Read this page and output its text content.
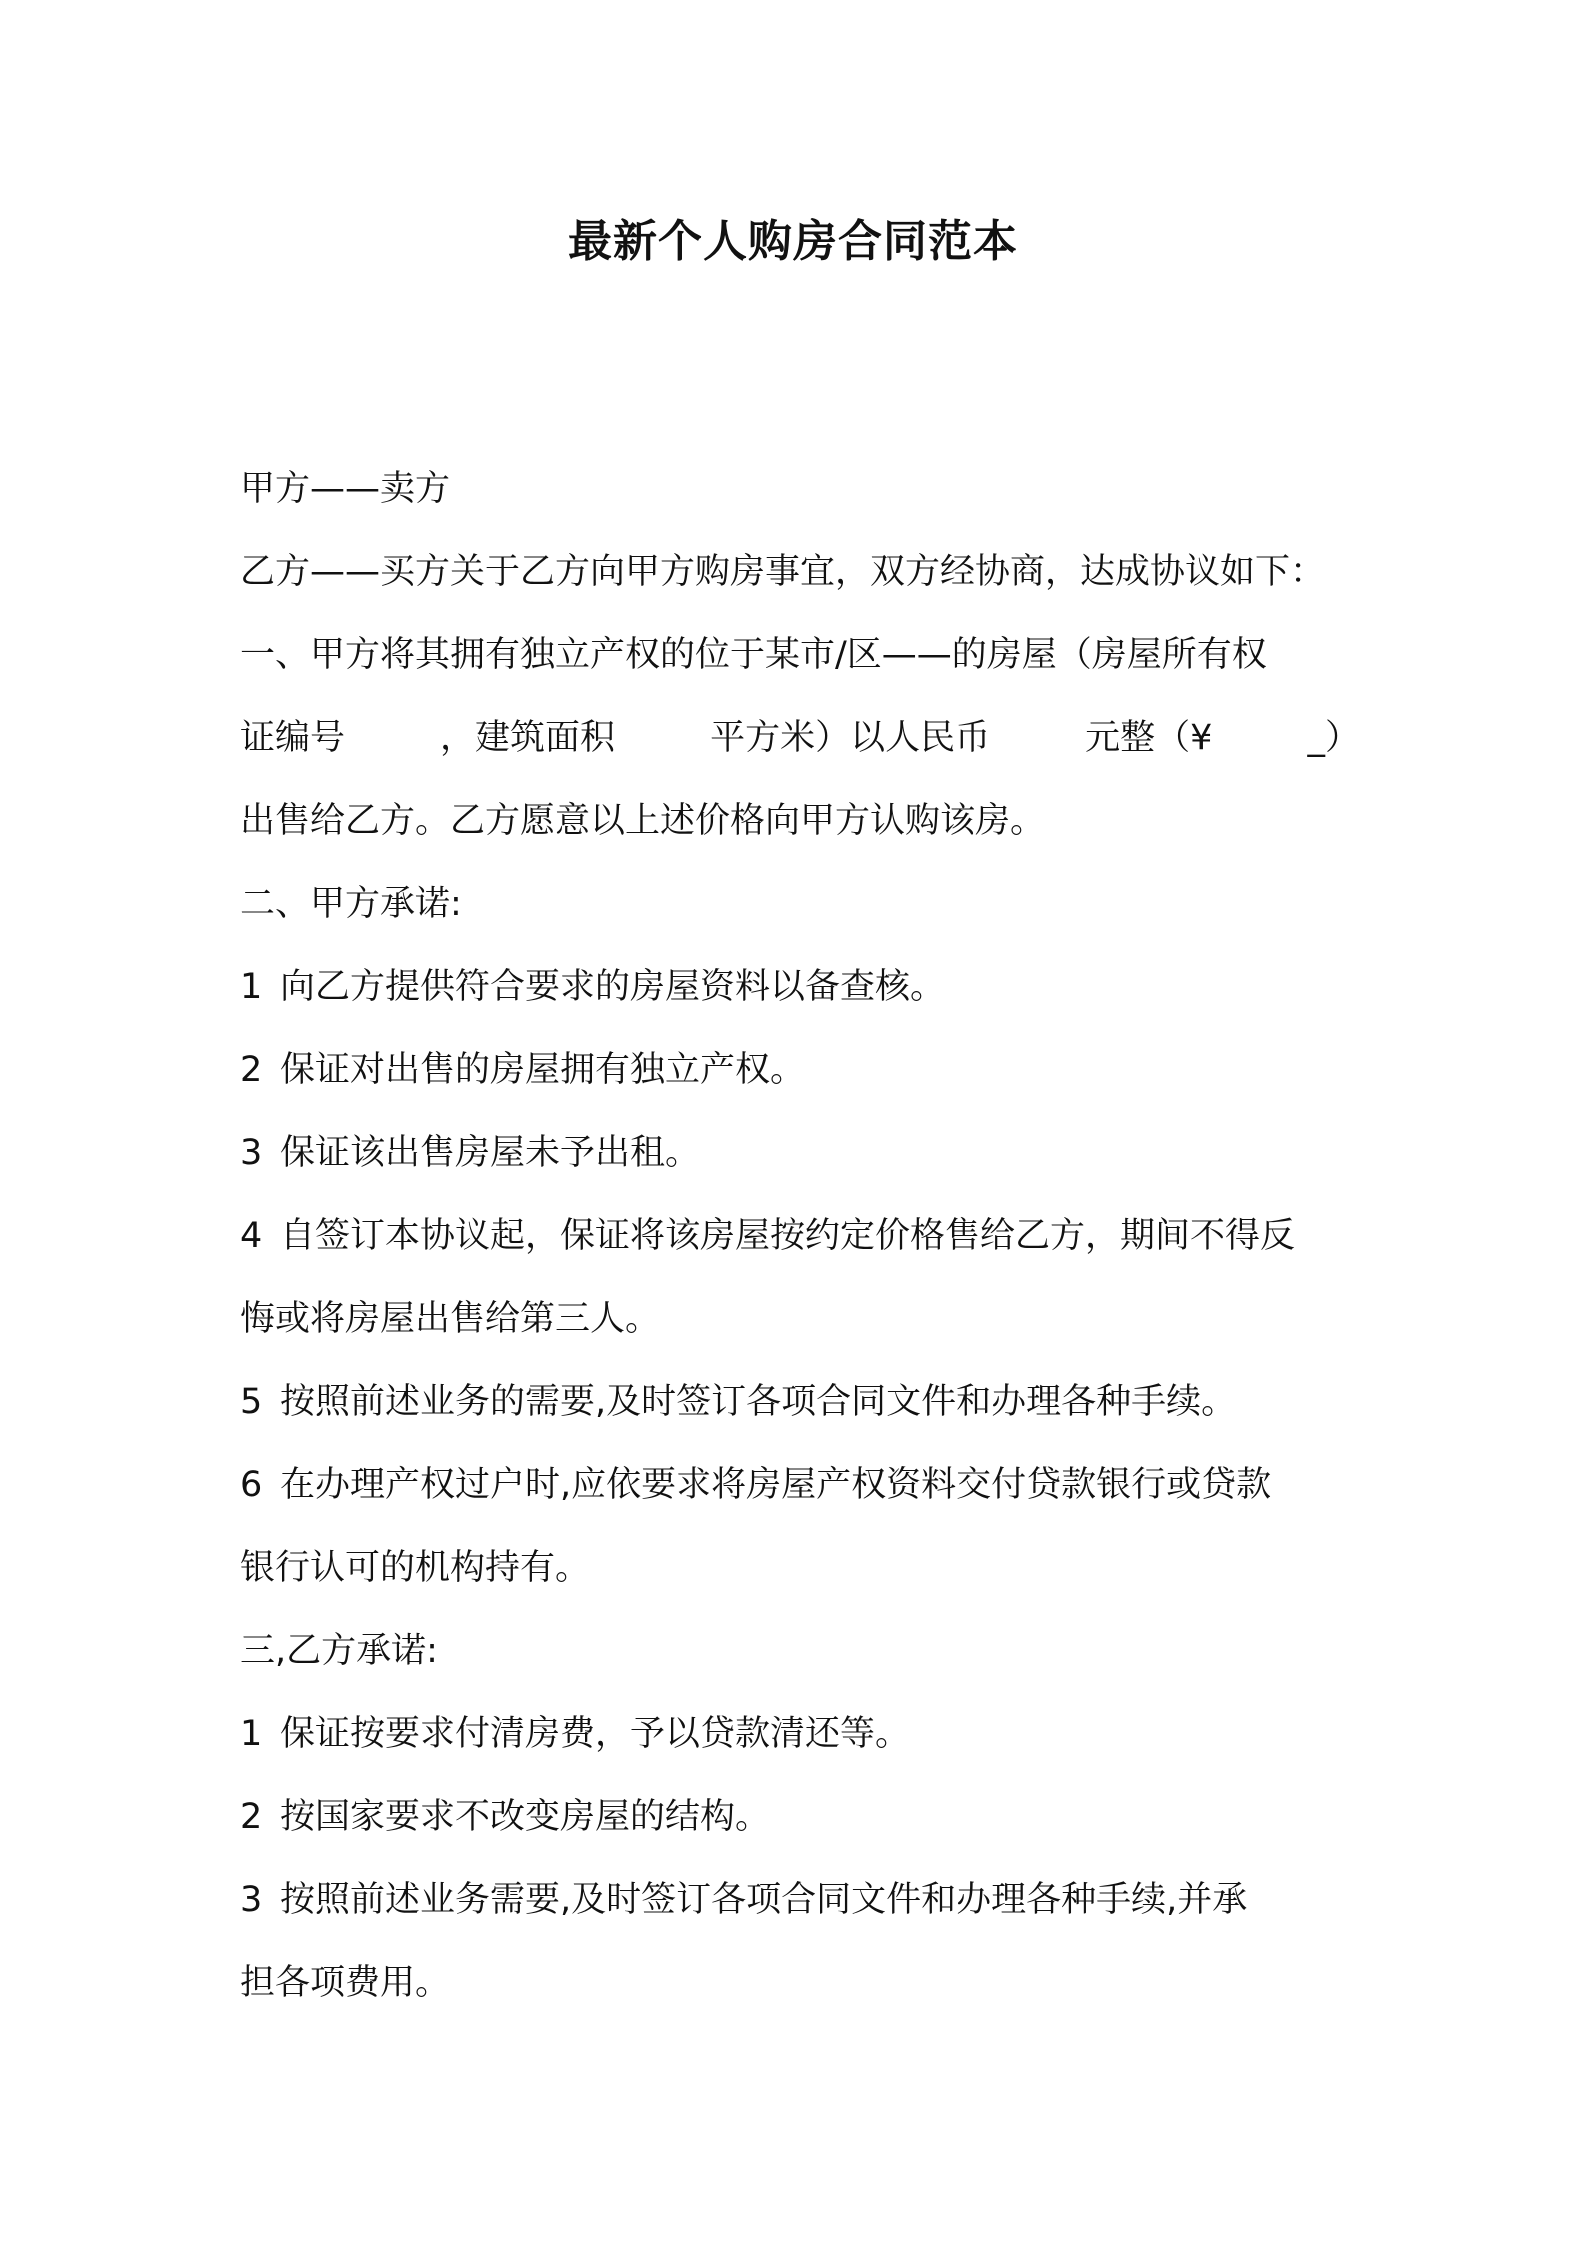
最新个人购房合同范本
甲方——卖方
乙方——买方关于乙方向甲方购房事宜，双方经协商，达成协议如下：
一、甲方将其拥有独立产权的位于某市/区——的房屋（房屋所有权
证编号	，建筑面积	平方米）以人民币	元整（¥	_）
出售给乙方。乙方愿意以上述价格向甲方认购该房。
二、甲方承诺:
1 向乙方提供符合要求的房屋资料以备查核。
2 保证对出售的房屋拥有独立产权。
3 保证该出售房屋未予出租。
4 自签订本协议起，保证将该房屋按约定价格售给乙方，期间不得反
悔或将房屋出售给第三人。
5 按照前述业务的需要,及时签订各项合同文件和办理各种手续。
6 在办理产权过户时,应依要求将房屋产权资料交付贷款银行或贷款
银行认可的机构持有。
三,乙方承诺:
1 保证按要求付清房费，予以贷款清还等。
2 按国家要求不改变房屋的结构。
3 按照前述业务需要,及时签订各项合同文件和办理各种手续,并承
担各项费用。
